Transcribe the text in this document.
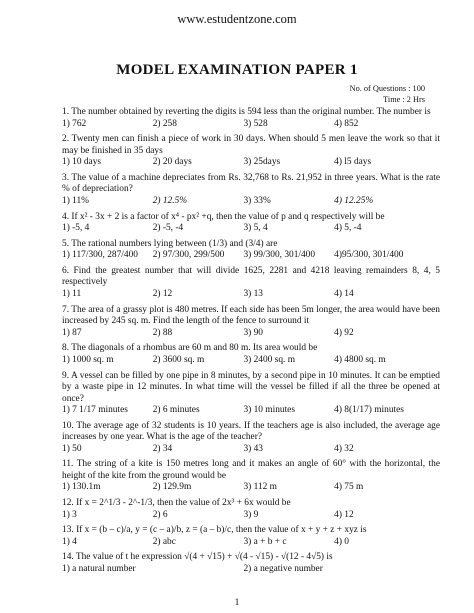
www.estudentzone.com
MODEL EXAMINATION PAPER 1
No. of Questions : 100
Time : 2 Hrs
1. The number obtained by reverting the digits is 594 less than the original number. The number is
1) 762	2) 258	3) 528	4) 852
2. Twenty men can finish a piece of work in 30 days. When should 5 men leave the work so that it may be finished in 35 days
1) 10 days	2) 20 days	3) 25days	4) l5 days
3. The value of a machine depreciates from Rs. 32,768 to Rs. 21,952 in three years. What is the rate % of depreciation?
1) 11%	2) 12.5%	3) 33%	4) 12.25%
4. If x² - 3x + 2 is a factor of x⁴ - px² +q, then the value of p and q respectively will be
1) -5, 4	2) -5, -4	3) 5, 4	4) 5, -4
5. The rational numbers lying between (1/3) and (3/4) are
1) 117/300, 287/400	2) 97/300, 299/500	3) 99/300, 301/400	4)95/300, 301/400
6. Find the greatest number that will divide 1625, 2281 and 4218 leaving remainders 8, 4, 5 respectively
1) 11	2) 12	3) 13	4) 14
7. The area of a grassy plot is 480 metres. If each side has been 5m longer, the area would have been increased by 245 sq. m. Find the length of the fence to surround it
1) 87	2) 88	3) 90	4) 92
8. The diagonals of a rhombus are 60 m and 80 m. Its area would be
1) 1000 sq. m	2) 3600 sq. m	3) 2400 sq. m	4) 4800 sq. m
9. A vessel can be filled by one pipe in 8 minutes, by a second pipe in 10 minutes. It can be emptied by a waste pipe in 12 minutes. In what time will the vessel be filled if all the three be opened at once?
1) 7 1/17 minutes	2) 6 minutes	3) 10 minutes	4) 8(1/17) minutes
10. The average age of 32 students is 10 years. If the teachers age is also included, the average age increases by one year. What is the age of the teacher?
1) 50	2) 34	3) 43	4) 32
11. The string of a kite is 150 metres long and it makes an angle of 60° with the horizontal, the height of the kite from the ground would be
1) 130.1m	2) 129.9m	3) 112 m	4) 75 m
12. If x = 2^1/3 - 2^-1/3, then the value of 2x³ + 6x would be
1) 3	2) 6	3) 9	4) 12
13. If x = (b – c)/a, y = (c – a)/b, z = (a – b)/c, then the value of x + y + z + xyz is
1) 4	2) abc	3) a + b + c	4) 0
14. The value of t he expression √(4 + √15) + √(4 - √15) - √(12 - 4√5) is
1) a natural number	2) a negative number
1
